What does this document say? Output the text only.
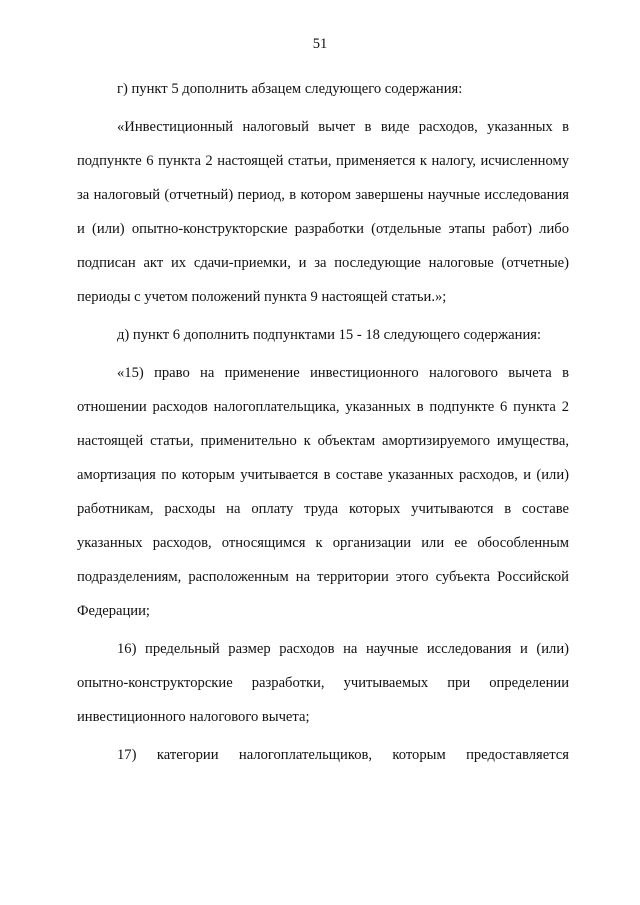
51

г) пункт 5 дополнить абзацем следующего содержания:

«Инвестиционный налоговый вычет в виде расходов, указанных в подпункте 6 пункта 2 настоящей статьи, применяется к налогу, исчисленному за налоговый (отчетный) период, в котором завершены научные исследования и (или) опытно-конструкторские разработки (отдельные этапы работ) либо подписан акт их сдачи-приемки, и за последующие налоговые (отчетные) периоды с учетом положений пункта 9 настоящей статьи.»;

д) пункт 6 дополнить подпунктами 15 - 18 следующего содержания:

«15) право на применение инвестиционного налогового вычета в отношении расходов налогоплательщика, указанных в подпункте 6 пункта 2 настоящей статьи, применительно к объектам амортизируемого имущества, амортизация по которым учитывается в составе указанных расходов, и (или) работникам, расходы на оплату труда которых учитываются в составе указанных расходов, относящимся к организации или ее обособленным подразделениям, расположенным на территории этого субъекта Российской Федерации;

16) предельный размер расходов на научные исследования и (или) опытно-конструкторские разработки, учитываемых при определении инвестиционного налогового вычета;

17) категории налогоплательщиков, которым предоставляется
